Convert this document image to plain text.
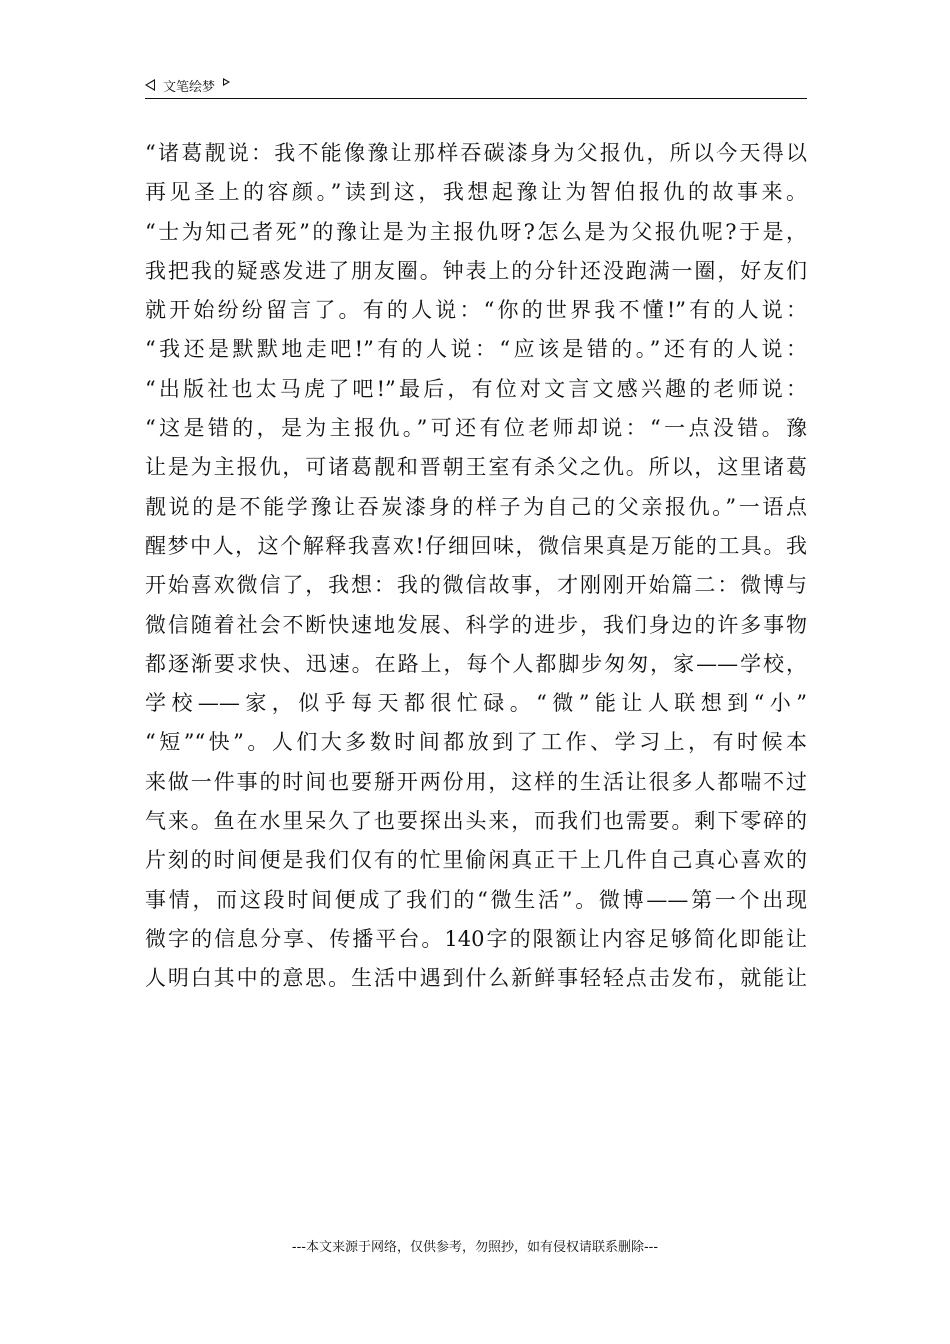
文笔绘梦
“诸葛靓说：我不能像豫让那样吞碳漆身为父报仇，所以今天得以
再见圣上的容颜。”读到这，我想起豫让为智伯报仇的故事来。
“士为知己者死”的豫让是为主报仇呀?怎么是为父报仇呢?于是，
我把我的疑惑发进了朋友圈。钟表上的分针还没跑满一圈，好友们
就开始纷纷留言了。有的人说：“你的世界我不懂!”有的人说：
“我还是默默地走吧!”有的人说：“应该是错的。”还有的人说：
“出版社也太马虎了吧!”最后，有位对文言文感兴趣的老师说：
“这是错的，是为主报仇。”可还有位老师却说：“一点没错。豫
让是为主报仇，可诸葛靓和晋朝王室有杀父之仇。所以，这里诸葛
靓说的是不能学豫让吞炭漆身的样子为自己的父亲报仇。”一语点
醒梦中人，这个解释我喜欢!仔细回味，微信果真是万能的工具。我
开始喜欢微信了，我想：我的微信故事，才刚刚开始篇二：微博与
微信随着社会不断快速地发展、科学的进步，我们身边的许多事物
都逐渐要求快、迅速。在路上，每个人都脚步匆匆，家——学校，
学校——家，似乎每天都很忙碌。“微”能让人联想到“小”
“短”“快”。人们大多数时间都放到了工作、学习上，有时候本
来做一件事的时间也要掰开两份用，这样的生活让很多人都喘不过
气来。鱼在水里呆久了也要探出头来，而我们也需要。剩下零碎的
片刻的时间便是我们仅有的忙里偷闲真正干上几件自己真心喜欢的
事情，而这段时间便成了我们的“微生活”。微博——第一个出现
微字的信息分享、传播平台。140字的限额让内容足够简化即能让
人明白其中的意思。生活中遇到什么新鲜事轻轻点击发布，就能让
---本文来源于网络，仅供参考，勿照抄，如有侵权请联系删除---
